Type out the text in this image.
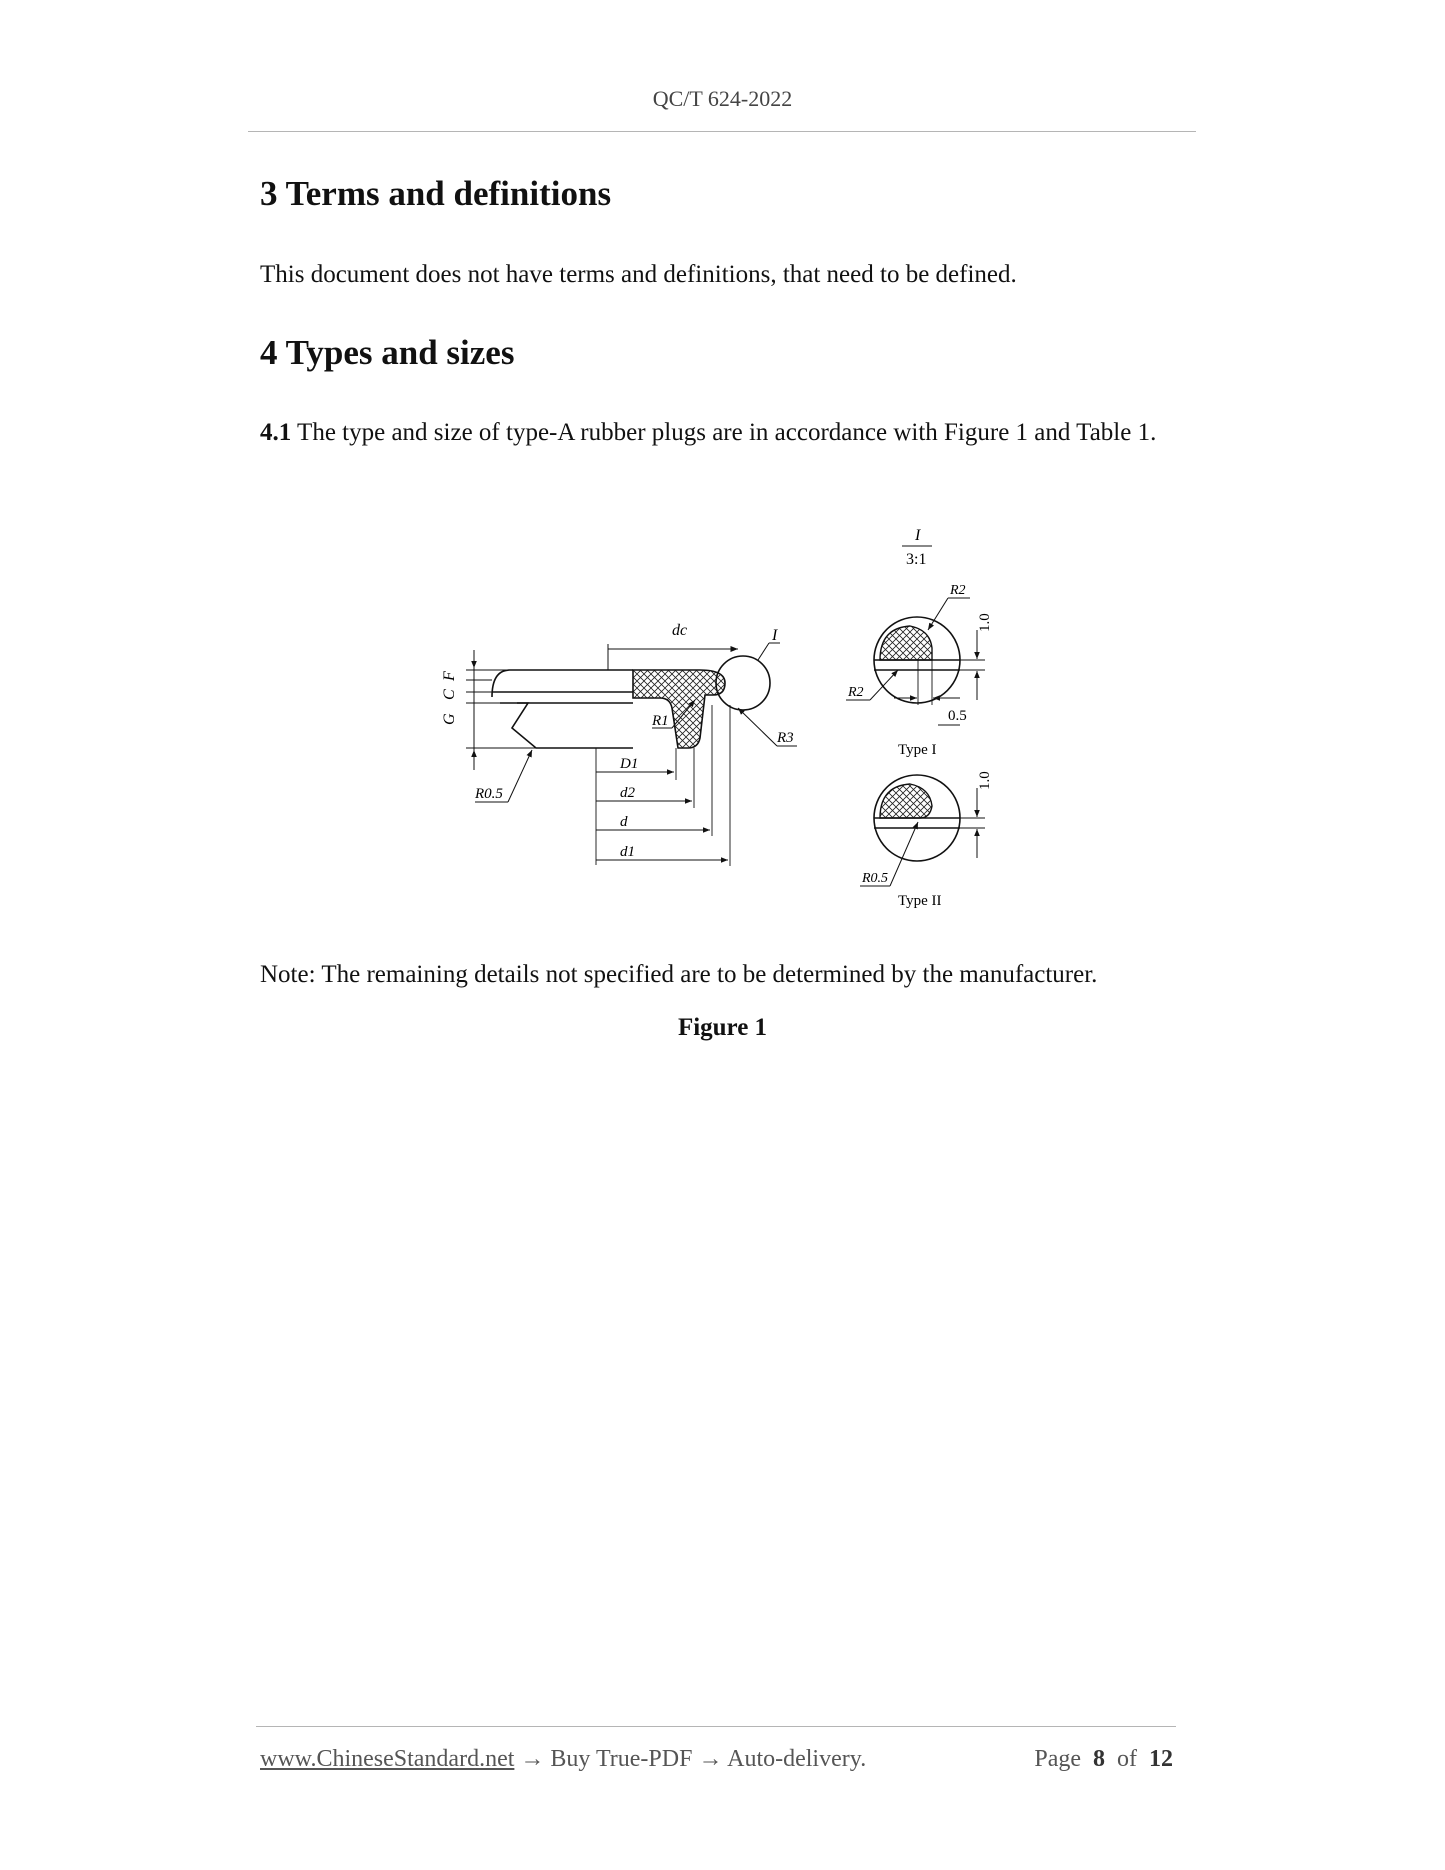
QC/T 624-2022
3 Terms and definitions

This document does not have terms and definitions, that need to be defined.

4 Types and sizes

4.1 The type and size of type-A rubber plugs are in accordance with Figure 1 and Table 1.

dc	I
G
C
F
R1
R3
R0.5
D1
d2
d
d1
I
3:1
1.0
0.5
R2
R2
Type I
1.0
R0.5
Type II

Note: The remaining details not specified are to be determined by the manufacturer.

Figure 1
www.ChineseStandard.net → Buy True-PDF → Auto-delivery.	Page 8 of 12
